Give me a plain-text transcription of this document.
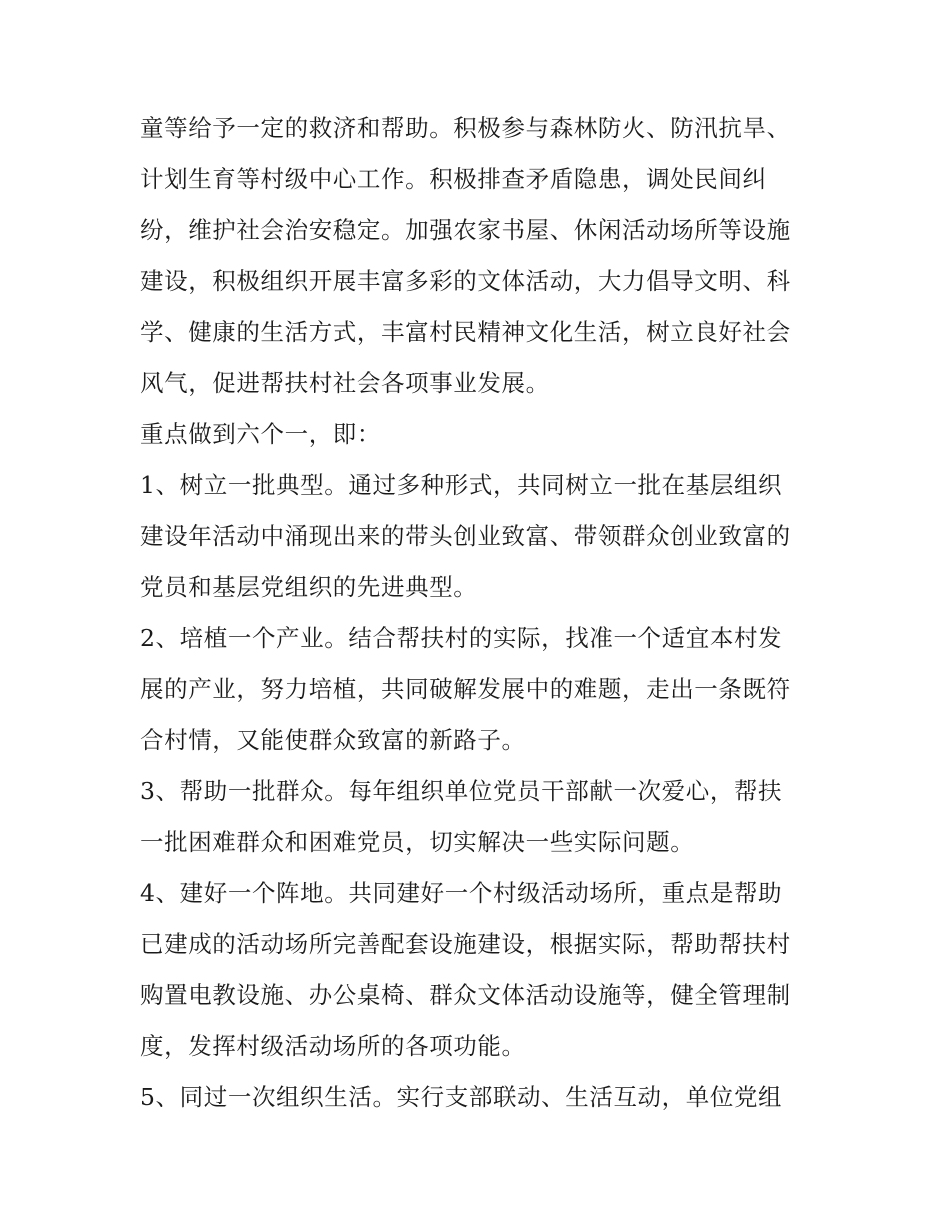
童等给予一定的救济和帮助。积极参与森林防火、防汛抗旱、
计划生育等村级中心工作。积极排查矛盾隐患，调处民间纠
纷，维护社会治安稳定。加强农家书屋、休闲活动场所等设施
建设，积极组织开展丰富多彩的文体活动，大力倡导文明、科
学、健康的生活方式，丰富村民精神文化生活，树立良好社会
风气，促进帮扶村社会各项事业发展。
重点做到六个一，即：
1、树立一批典型。通过多种形式，共同树立一批在基层组织
建设年活动中涌现出来的带头创业致富、带领群众创业致富的
党员和基层党组织的先进典型。
2、培植一个产业。结合帮扶村的实际，找准一个适宜本村发
展的产业，努力培植，共同破解发展中的难题，走出一条既符
合村情，又能使群众致富的新路子。
3、帮助一批群众。每年组织单位党员干部献一次爱心，帮扶
一批困难群众和困难党员，切实解决一些实际问题。
4、建好一个阵地。共同建好一个村级活动场所，重点是帮助
已建成的活动场所完善配套设施建设，根据实际，帮助帮扶村
购置电教设施、办公桌椅、群众文体活动设施等，健全管理制
度，发挥村级活动场所的各项功能。
5、同过一次组织生活。实行支部联动、生活互动，单位党组
